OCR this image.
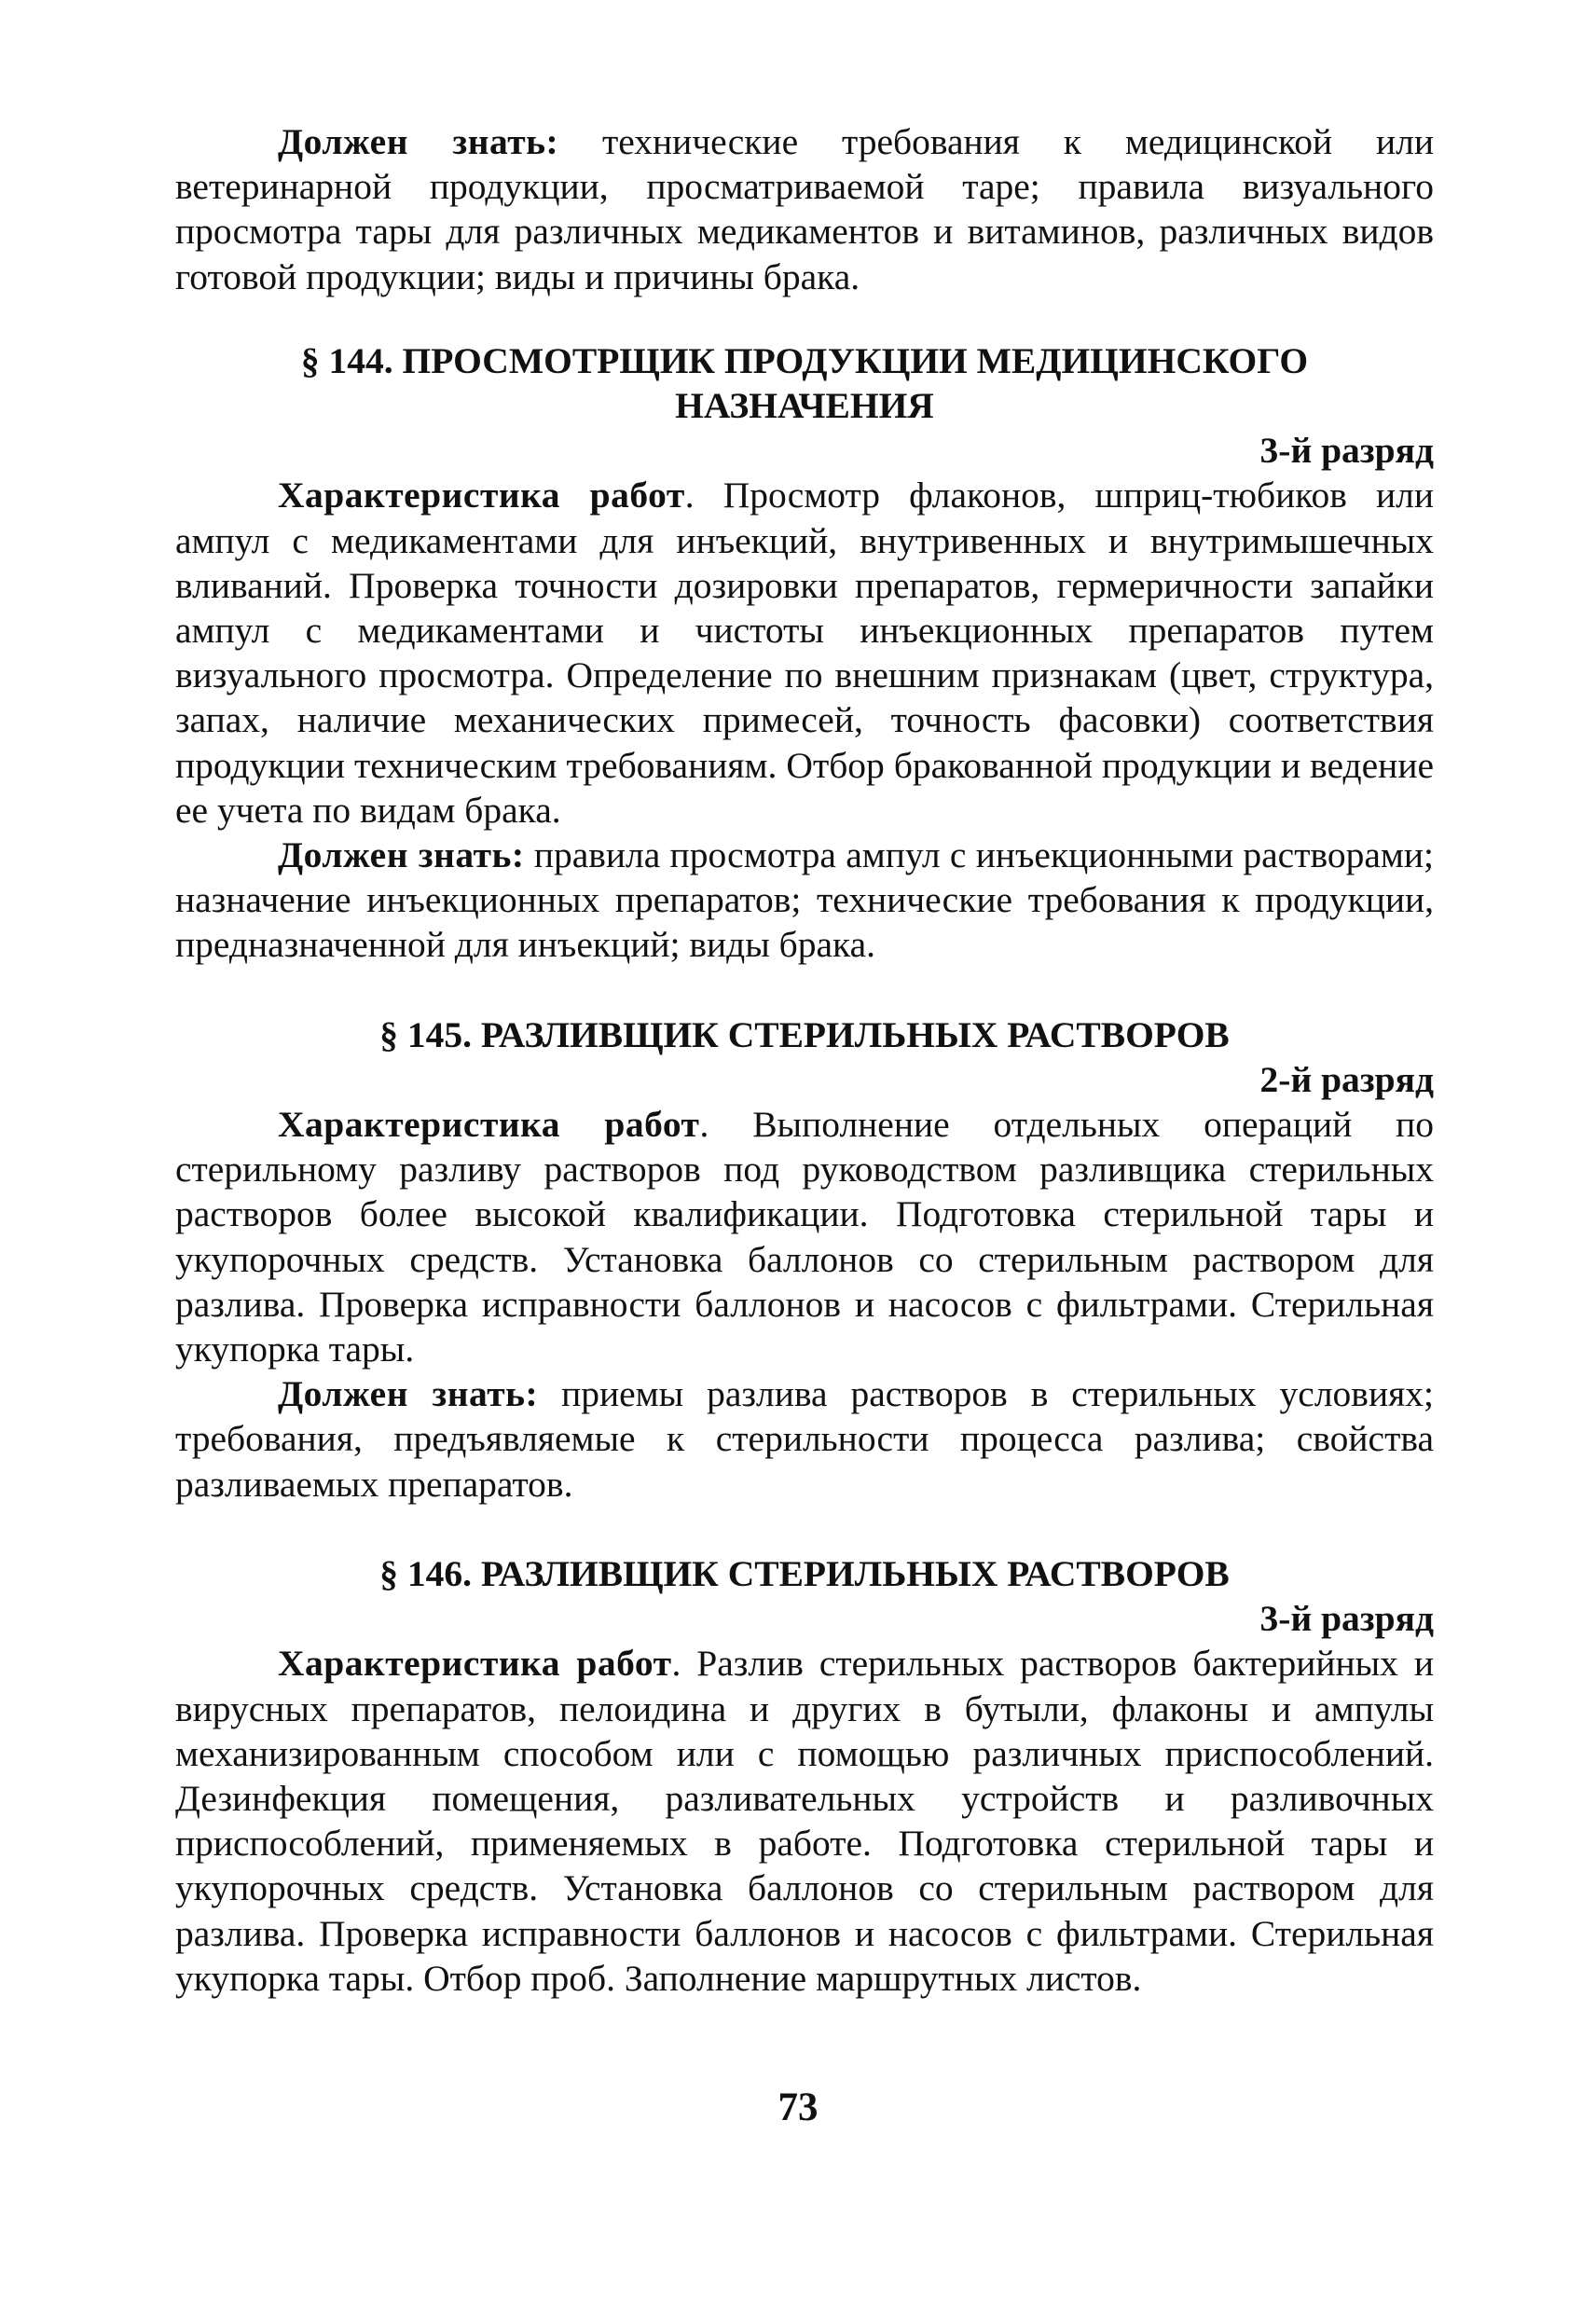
Должен знать: технические требования к медицинской или ветеринарной продукции, просматриваемой таре; правила визуального просмотра тары для различных медикаментов и витаминов, различных видов готовой продукции; виды и причины брака.

§ 144. ПРОСМОТРЩИК ПРОДУКЦИИ МЕДИЦИНСКОГО НАЗНАЧЕНИЯ
3-й разряд

Характеристика работ. Просмотр флаконов, шприц-тюбиков или ампул с медикаментами для инъекций, внутривенных и внутримышечных вливаний. Проверка точности дозировки препаратов, гермеричности запайки ампул с медикаментами и чистоты инъекционных препаратов путем визуального просмотра. Определение по внешним признакам (цвет, структура, запах, наличие механических примесей, точность фасовки) соответствия продукции техническим требованиям. Отбор бракованной продукции и ведение ее учета по видам брака.

Должен знать: правила просмотра ампул с инъекционными растворами; назначение инъекционных препаратов; технические требования к продукции, предназначенной для инъекций; виды брака.

§ 145. РАЗЛИВЩИК СТЕРИЛЬНЫХ РАСТВОРОВ
2-й разряд

Характеристика работ. Выполнение отдельных операций по стерильному разливу растворов под руководством разливщика стерильных растворов более высокой квалификации. Подготовка стерильной тары и укупорочных средств. Установка баллонов со стерильным раствором для разлива. Проверка исправности баллонов и насосов с фильтрами. Стерильная укупорка тары.

Должен знать: приемы разлива растворов в стерильных условиях; требования, предъявляемые к стерильности процесса разлива; свойства разливаемых препаратов.

§ 146. РАЗЛИВЩИК СТЕРИЛЬНЫХ РАСТВОРОВ
3-й разряд

Характеристика работ. Разлив стерильных растворов бактерийных и вирусных препаратов, пелоидина и других в бутыли, флаконы и ампулы механизированным способом или с помощью различных приспособлений. Дезинфекция помещения, разливательных устройств и разливочных приспособлений, применяемых в работе. Подготовка стерильной тары и укупорочных средств. Установка баллонов со стерильным раствором для разлива. Проверка исправности баллонов и насосов с фильтрами. Стерильная укупорка тары. Отбор проб. Заполнение маршрутных листов.

73
